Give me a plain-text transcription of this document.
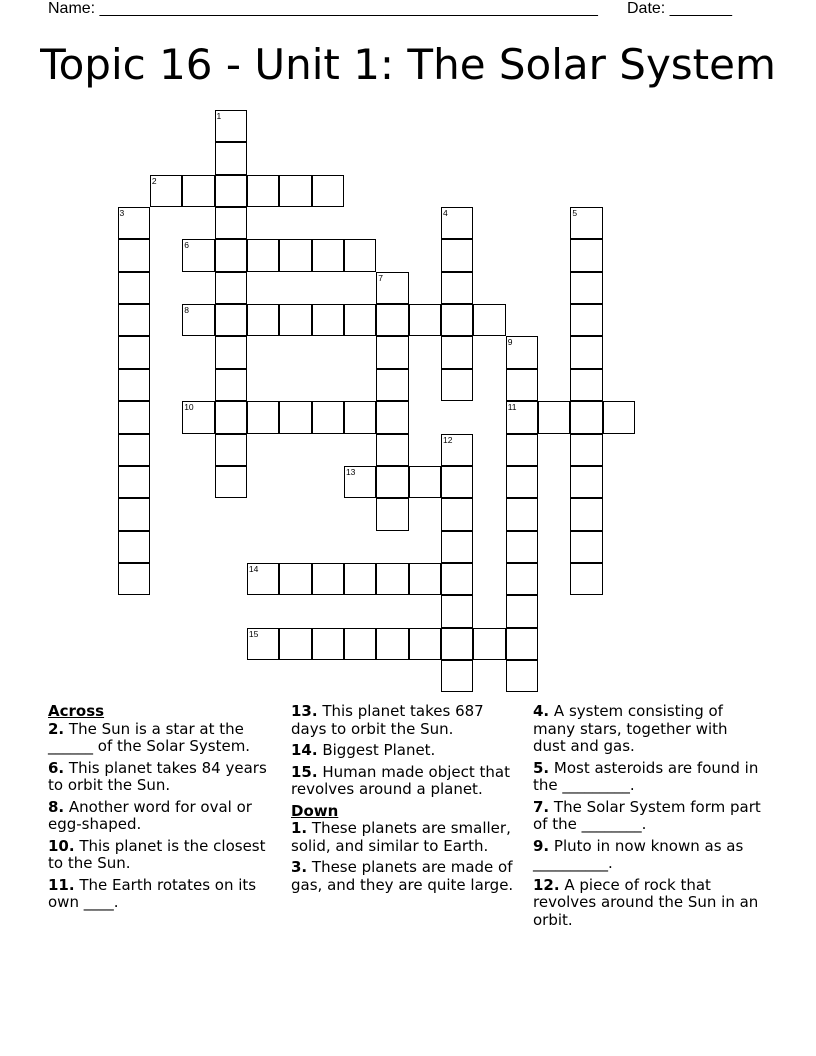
Name: ________________________________________________________ Date: _______
Topic 16 - Unit 1: The Solar System
1
2
3	4	5
6
7
8
9
11
10
12
13
14
15

Across

2. The Sun is a star at the ______ of the Solar System.

6. This planet takes 84 years to orbit the Sun.

8. Another word for oval or egg-shaped.

10. This planet is the closest to the Sun.

11. The Earth rotates on its own ____.

13. This planet takes 687 days to orbit the Sun.

14. Biggest Planet.

15. Human made object that revolves around a planet.

Down

1. These planets are smaller, solid, and similar to Earth.

3. These planets are made of gas, and they are quite large.

4. A system consisting of many stars, together with dust and gas.

5. Most asteroids are found in the _________.

7. The Solar System form part of the ________.

9. Pluto in now known as as __________.

12. A piece of rock that revolves around the Sun in an orbit.
